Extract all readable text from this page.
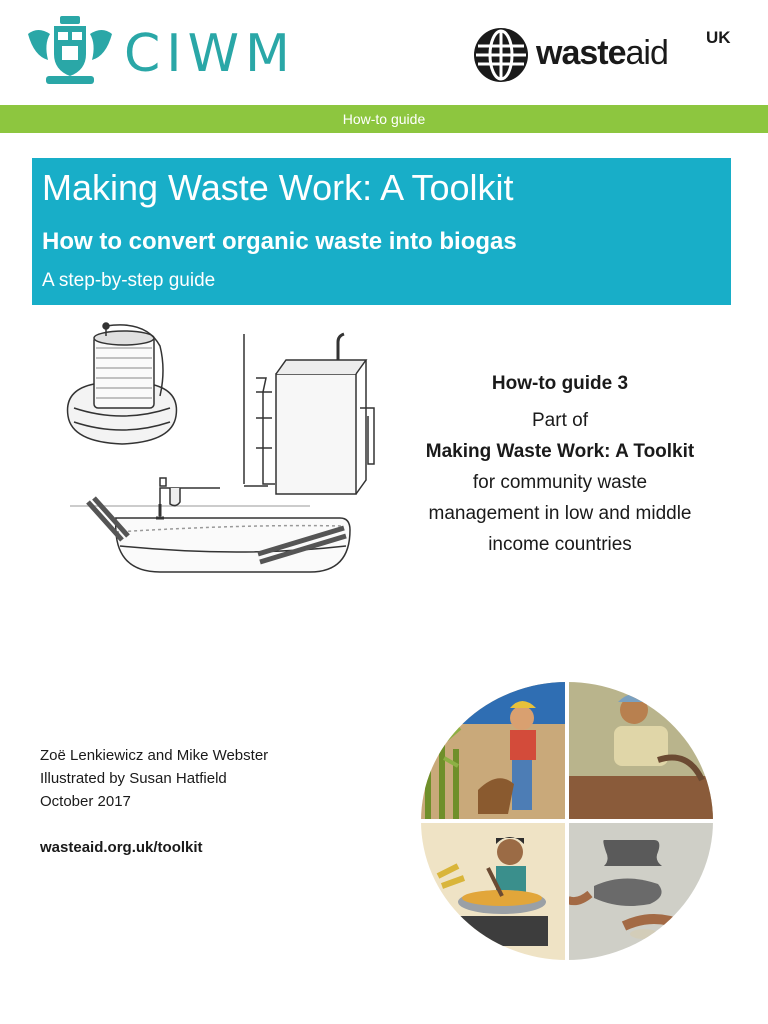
CIWM	wasteaid UK
How-to guide
Making Waste Work: A Toolkit
How to convert organic waste into biogas
A step-by-step guide
How-to guide 3
Part of
Making Waste Work: A Toolkit
for community waste
management in low and middle
income countries
Zoë Lenkiewicz and Mike Webster
Illustrated by Susan Hatfield
October 2017
wasteaid.org.uk/toolkit
